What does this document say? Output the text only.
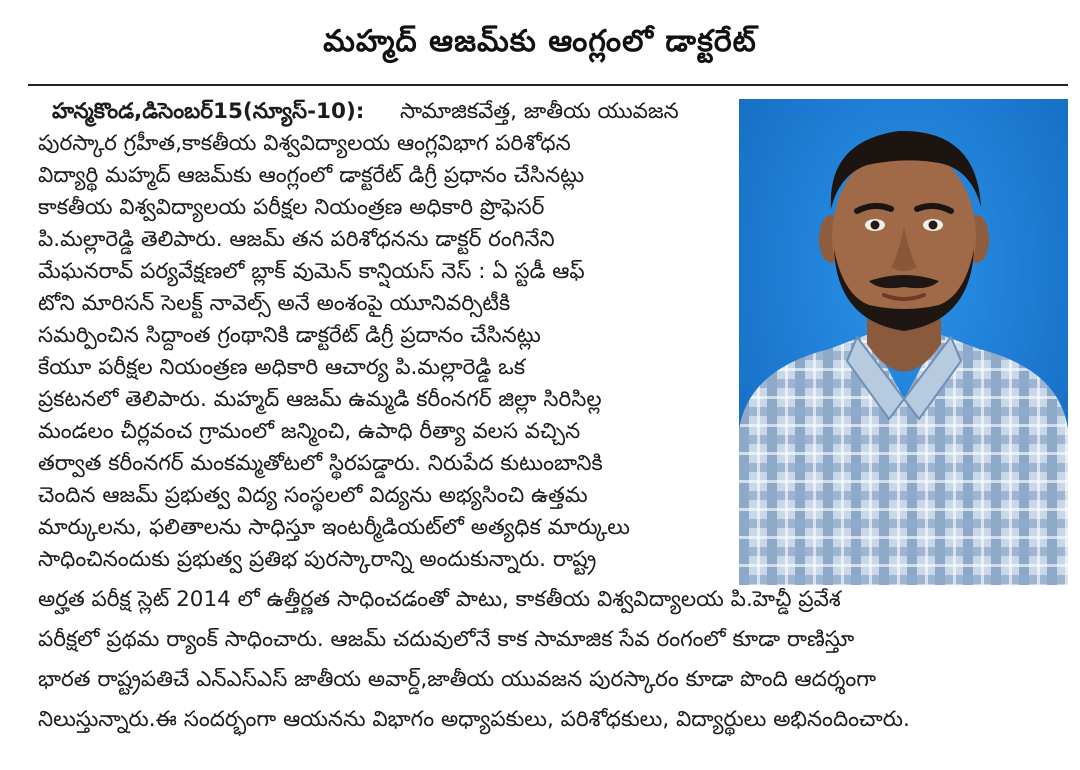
మహ్మద్ ఆజమ్‌కు ఆంగ్లంలో డాక్టరేట్
హన్మకొండ,డిసెంబర్15(న్యూస్-10): సామాజికవేత్త, జాతీయ యువజన
పురస్కార గ్రహీత,కాకతీయ విశ్వవిద్యాలయ ఆంగ్లవిభాగ పరిశోధన
విద్యార్థి మహ్మద్ ఆజమ్‌కు ఆంగ్లంలో డాక్టరేట్ డిగ్రీ ప్రధానం చేసినట్లు
కాకతీయ విశ్వవిద్యాలయ పరీక్షల నియంత్రణ అధికారి ప్రొఫెసర్
పి.మల్లారెడ్డి తెలిపారు. ఆజమ్ తన పరిశోధనను డాక్టర్ రంగినేని
మేఘనరావ్ పర్యవేక్షణలో బ్లాక్ వుమెన్ కాన్షియస్ నెస్ : ఏ స్టడీ ఆఫ్
టోని మారిసన్ సెలక్ట్ నావెల్స్ అనే అంశంపై యూనివర్సిటీకి
సమర్పించిన సిద్దాంత గ్రంథానికి డాక్టరేట్ డిగ్రీ ప్రదానం చేసినట్లు
కేయూ పరీక్షల నియంత్రణ అధికారి ఆచార్య పి.మల్లారెడ్డి ఒక
ప్రకటనలో తెలిపారు. మహ్మద్ ఆజమ్ ఉమ్మడి కరీంనగర్ జిల్లా సిరిసిల్ల
మండలం చీర్లవంచ గ్రామంలో జన్మించి, ఉపాధి రీత్యా వలస వచ్చిన
తర్వాత కరీంనగర్ మంకమ్మతోటలో స్థిరపడ్డారు. నిరుపేద కుటుంబానికి
చెందిన ఆజమ్ ప్రభుత్వ విద్య సంస్థలలో విద్యను అభ్యసించి ఉత్తమ
మార్కులను, ఫలితాలను సాధిస్తూ ఇంటర్మీడియట్‌లో అత్యధిక మార్కులు
సాధించినందుకు ప్రభుత్వ ప్రతిభ పురస్కారాన్ని అందుకున్నారు. రాష్ట్ర
అర్హత పరీక్ష స్లెట్ 2014 లో ఉత్తీర్ణత సాధించడంతో పాటు, కాకతీయ విశ్వవిద్యాలయ పి.హెచ్డీ ప్రవేశ
పరీక్షలో ప్రథమ ర్యాంక్ సాధించారు. ఆజమ్ చదువులోనే కాక సామాజిక సేవ రంగంలో కూడా రాణిస్తూ
భారత రాష్ట్రపతిచే ఎన్ఎస్ఎస్ జాతీయ అవార్డ్,జాతీయ యువజన పురస్కారం కూడా పొంది ఆదర్శంగా
నిలుస్తున్నారు.ఈ సందర్భంగా ఆయనను విభాగం అధ్యాపకులు, పరిశోధకులు, విద్యార్థులు అభినందించారు.
